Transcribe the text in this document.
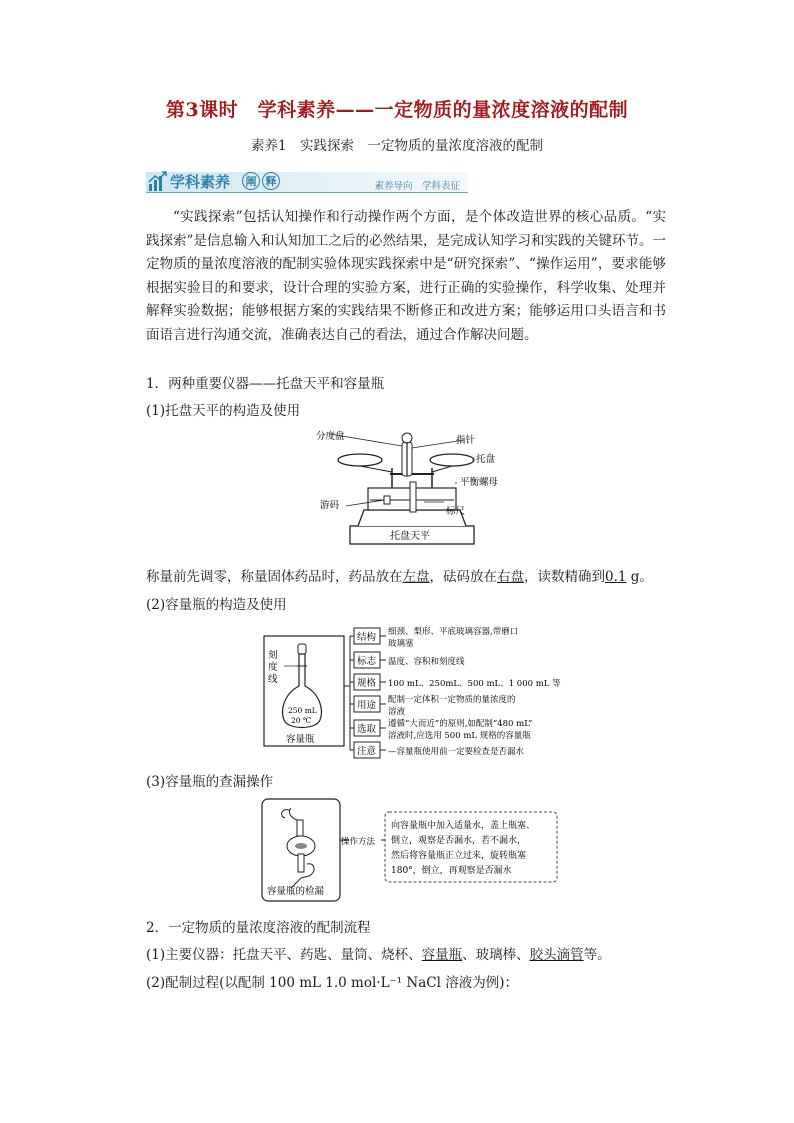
第3课时　学科素养——一定物质的量浓度溶液的配制
素养1　实践探索　一定物质的量浓度溶液的配制
学科素养	阐 释	素养导向　学科表征
“实践探索”包括认知操作和行动操作两个方面，是个体改造世界的核心品质。“实践探索”是信息输入和认知加工之后的必然结果，是完成认知学习和实践的关键环节。一定物质的量浓度溶液的配制实验体现实践探索中是“研究探索”、“操作运用”，要求能够根据实验目的和要求，设计合理的实验方案，进行正确的实验操作，科学收集、处理并解释实验数据；能够根据方案的实践结果不断修正和改进方案；能够运用口头语言和书面语言进行沟通交流，准确表达自己的看法，通过合作解决问题。
1．两种重要仪器——托盘天平和容量瓶
(1)托盘天平的构造及使用
分度盘	指针
托盘
平衡螺母
游码
标尺
托盘天平
称量前先调零，称量固体药品时，药品放在左盘，砝码放在右盘，读数精确到0.1 g。
(2)容量瓶的构造及使用
刻
度
线
250 mL
20 ℃
容量瓶
结构 细颈、梨形、平底玻璃容器,带磨口
玻璃塞
标志 温度、容积和刻度线
规格 100 mL、250mL、500 mL、1 000 mL 等
用途 配制一定体积一定物质的量浓度的
溶液
选取 遵循“大而近”的原则,如配制“480 mL”
溶液时,应选用 500 mL 规格的容量瓶
注意 —容量瓶使用前一定要检查是否漏水
(3)容量瓶的查漏操作
容量瓶的检漏
操作方法
向容量瓶中加入适量水，盖上瓶塞、
倒立，观察是否漏水，若不漏水，
然后将容量瓶正立过来，旋转瓶塞
180°，倒立，再观察是否漏水
2．一定物质的量浓度溶液的配制流程
(1)主要仪器：托盘天平、药匙、量筒、烧杯、容量瓶、玻璃棒、胶头滴管等。
(2)配制过程(以配制 100 mL 1.0 mol·L⁻¹ NaCl 溶液为例)：
